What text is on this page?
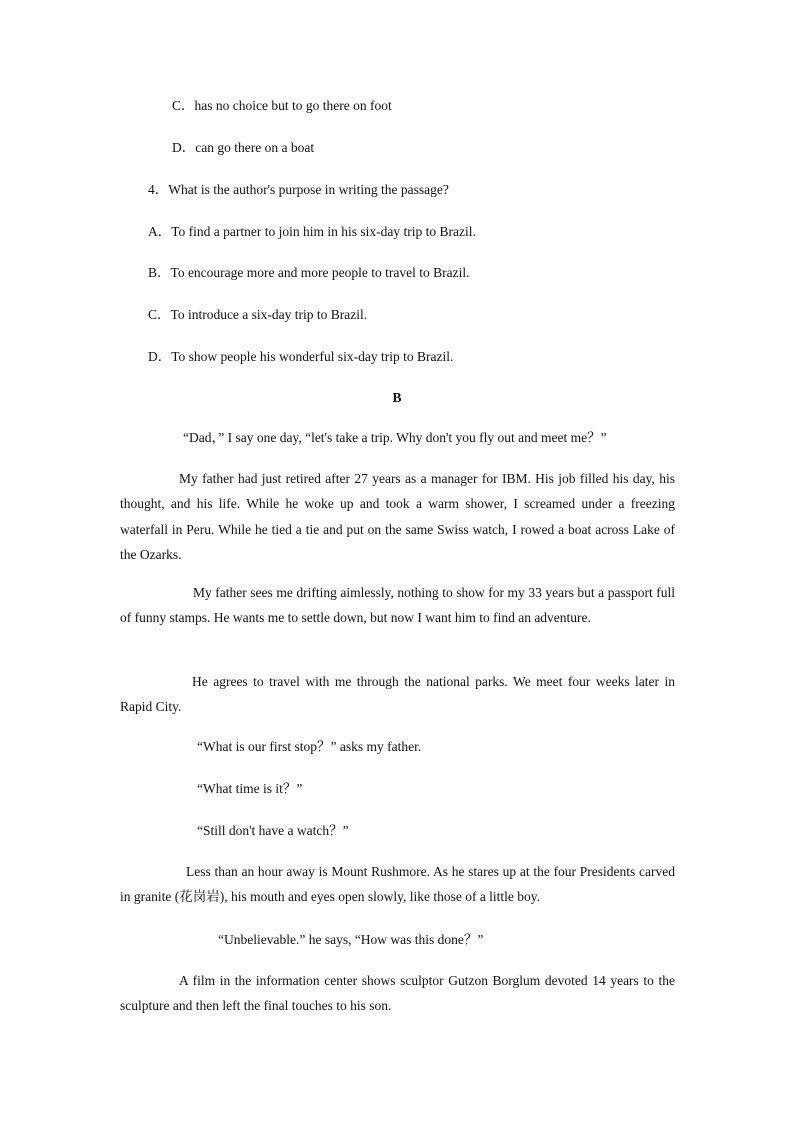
C．has no choice but to go there on foot
D．can go there on a boat
4．What is the author's purpose in writing the passage?
A．To find a partner to join him in his six-day trip to Brazil.
B．To encourage more and more people to travel to Brazil.
C．To introduce a six-day trip to Brazil.
D．To show people his wonderful six-day trip to Brazil.
B
“Dad，” I say one day, “let's take a trip. Why don't you fly out and meet me？”
My father had just retired after 27 years as a manager for IBM. His job filled his day, his thought, and his life. While he woke up and took a warm shower, I screamed under a freezing waterfall in Peru. While he tied a tie and put on the same Swiss watch, I rowed a boat across Lake of the Ozarks.
My father sees me drifting aimlessly, nothing to show for my 33 years but a passport full of funny stamps. He wants me to settle down, but now I want him to find an adventure.
He agrees to travel with me through the national parks. We meet four weeks later in Rapid City.
“What is our first stop？” asks my father.
“What time is it？”
“Still don't have a watch？”
Less than an hour away is Mount Rushmore. As he stares up at the four Presidents carved in granite (花岗岩), his mouth and eyes open slowly, like those of a little boy.
“Unbelievable.” he says, “How was this done？”
A film in the information center shows sculptor Gutzon Borglum devoted 14 years to the sculpture and then left the final touches to his son.
